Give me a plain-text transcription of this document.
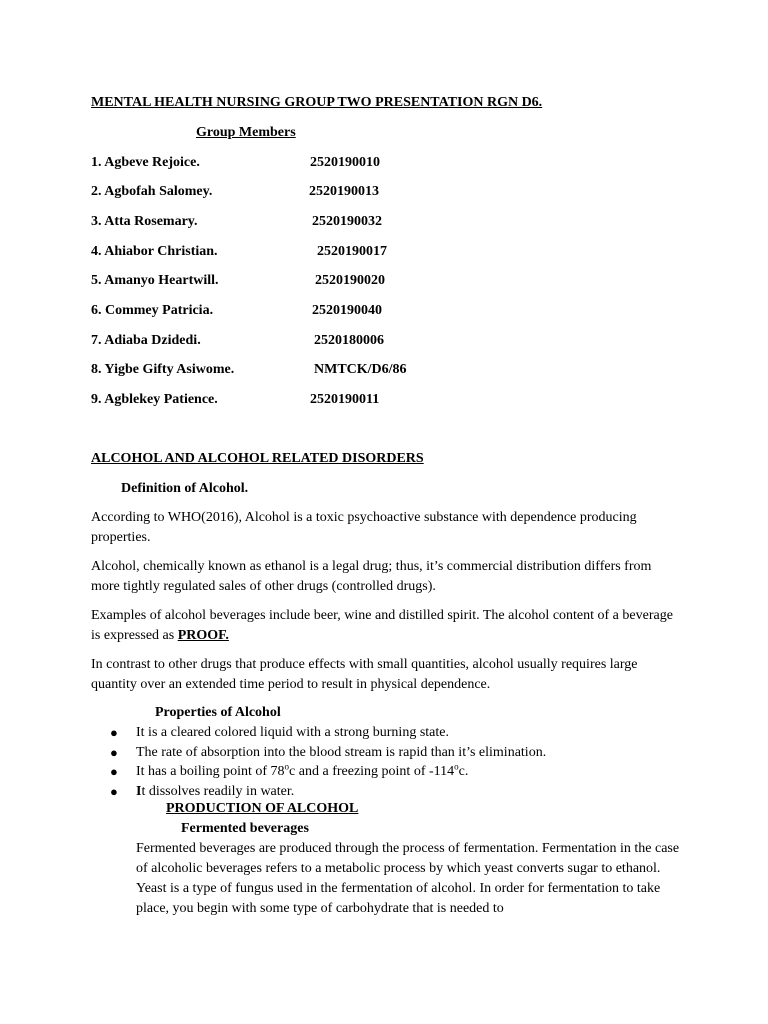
MENTAL HEALTH NURSING GROUP TWO PRESENTATION RGN D6.
Group Members
1. Agbeve Rejoice.	2520190010
2. Agbofah Salomey.	2520190013
3. Atta Rosemary.	2520190032
4. Ahiabor Christian.	2520190017
5. Amanyo Heartwill.	2520190020
6. Commey Patricia.	2520190040
7. Adiaba Dzidedi.	2520180006
8. Yigbe Gifty Asiwome.	NMTCK/D6/86
9. Agblekey Patience.	2520190011
ALCOHOL AND ALCOHOL RELATED DISORDERS
Definition of Alcohol.
According to WHO(2016), Alcohol is a toxic psychoactive substance with dependence producing properties.
Alcohol, chemically known as ethanol is a legal drug; thus, it’s commercial distribution differs from more tightly regulated sales of other drugs (controlled drugs).
Examples of alcohol beverages include beer, wine and distilled spirit. The alcohol content of a beverage is expressed as PROOF.
In contrast to other drugs that produce effects with small quantities, alcohol usually requires large quantity over an extended time period to result in physical dependence.
Properties of Alcohol
● It is a cleared colored liquid with a strong burning state.
● The rate of absorption into the blood stream is rapid than it’s elimination.
● It has a boiling point of 78$^o$c and a freezing point of -114$^o$c.
● It dissolves readily in water.
PRODUCTION OF ALCOHOL
Fermented beverages
Fermented beverages are produced through the process of fermentation. Fermentation in the case of alcoholic beverages refers to a metabolic process by which yeast converts sugar to ethanol. Yeast is a type of fungus used in the fermentation of alcohol. In order for fermentation to take place, you begin with some type of carbohydrate that is needed to
